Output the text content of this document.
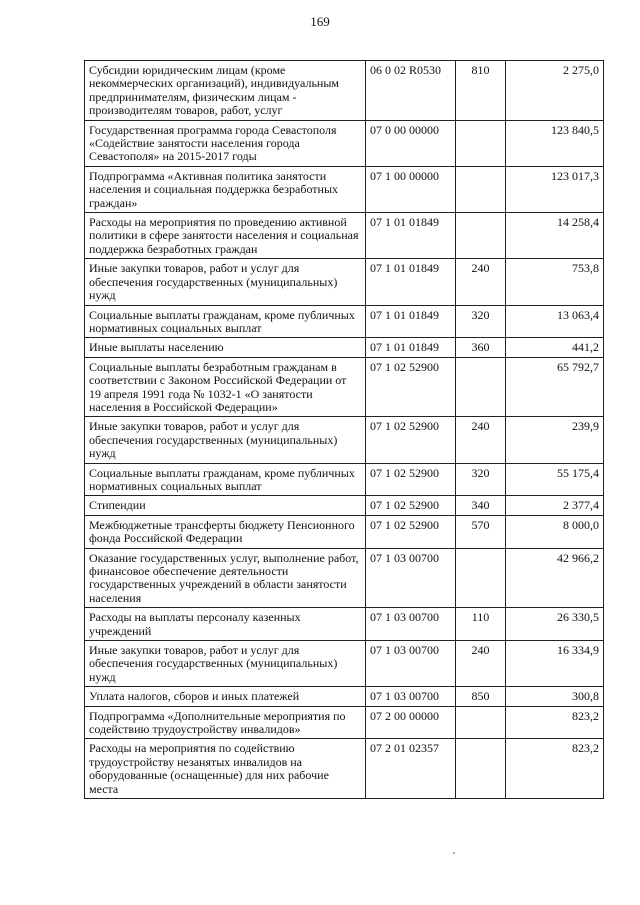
169
Субсидии юридическим лицам (кроме некоммерческих организаций), индивидуальным предпринимателям, физическим лицам - производителям товаров, работ, услуг	06 0 02 R0530	810	2 275,0
Государственная программа города Севастополя «Содействие занятости населения города Севастополя» на 2015-2017 годы	07 0 00 00000		123 840,5
Подпрограмма «Активная политика занятости населения и социальная поддержка безработных граждан»	07 1 00 00000		123 017,3
Расходы на мероприятия по проведению активной политики в сфере занятости населения и социальная поддержка безработных граждан	07 1 01 01849		14 258,4
Иные закупки товаров, работ и услуг для обеспечения государственных (муниципальных) нужд	07 1 01 01849	240	753,8
Социальные выплаты гражданам, кроме публичных нормативных социальных выплат	07 1 01 01849	320	13 063,4
Иные выплаты населению	07 1 01 01849	360	441,2
Социальные выплаты безработным гражданам в соответствии с Законом Российской Федерации от 19 апреля 1991 года № 1032-1 «О занятости населения в Российской Федерации»	07 1 02 52900		65 792,7
Иные закупки товаров, работ и услуг для обеспечения государственных (муниципальных) нужд	07 1 02 52900	240	239,9
Социальные выплаты гражданам, кроме публичных нормативных социальных выплат	07 1 02 52900	320	55 175,4
Стипендии	07 1 02 52900	340	2 377,4
Межбюджетные трансферты бюджету Пенсионного фонда Российской Федерации	07 1 02 52900	570	8 000,0
Оказание государственных услуг, выполнение работ, финансовое обеспечение деятельности государственных учреждений в области занятости населения	07 1 03 00700		42 966,2
Расходы на выплаты персоналу казенных учреждений	07 1 03 00700	110	26 330,5
Иные закупки товаров, работ и услуг для обеспечения государственных (муниципальных) нужд	07 1 03 00700	240	16 334,9
Уплата налогов, сборов и иных платежей	07 1 03 00700	850	300,8
Подпрограмма «Дополнительные мероприятия по содействию трудоустройству инвалидов»	07 2 00 00000		823,2
Расходы на мероприятия по содействию трудоустройству незанятых инвалидов на оборудованные (оснащенные) для них рабочие места	07 2 01 02357		823,2
